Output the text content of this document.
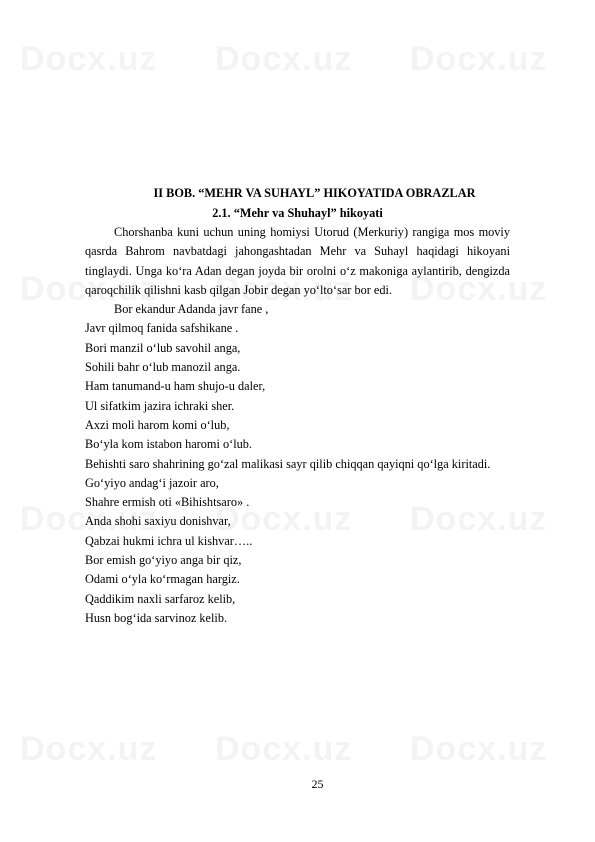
II BOB. “MEHR VA SUHAYL” HIKOYATIDA OBRAZLAR
2.1. “Mehr va Shuhayl” hikoyati

Chorshanba kuni uchun uning homiysi Utorud (Merkuriy) rangiga mos moviy qasrda Bahrom navbatdagi jahongashtadan Mehr va Suhayl haqidagi hikoyani tinglaydi. Unga ko‘ra Adan degan joyda bir orolni o‘z makoniga aylantirib, dengizda qaroqchilik qilishni kasb qilgan Jobir degan yo‘lto‘sar bor edi.

Bor ekandur Adanda javr fane ,

Javr qilmoq fanida safshikane .

Bori manzil o‘lub savohil anga,

Sohili bahr o‘lub manozil anga.

Ham tanumand-u ham shujo-u daler,

Ul sifatkim jazira ichraki sher.

Axzi moli harom komi o‘lub,

Bo‘yla kom istabon haromi o‘lub.

Behishti saro shahrining go‘zal malikasi sayr qilib chiqqan qayiqni qo‘lga kiritadi.

Go‘yiyo andag‘i jazoir aro,

Shahre ermish oti «Bihishtsaro» .

Anda shohi saxiyu donishvar,

Qabzai hukmi ichra ul kishvar…..

Bor emish go‘yiyo anga bir qiz,

Odami o‘yla ko‘rmagan hargiz.

Qaddikim naxli sarfaroz kelib,

Husn bog‘ida sarvinoz kelib.

25
